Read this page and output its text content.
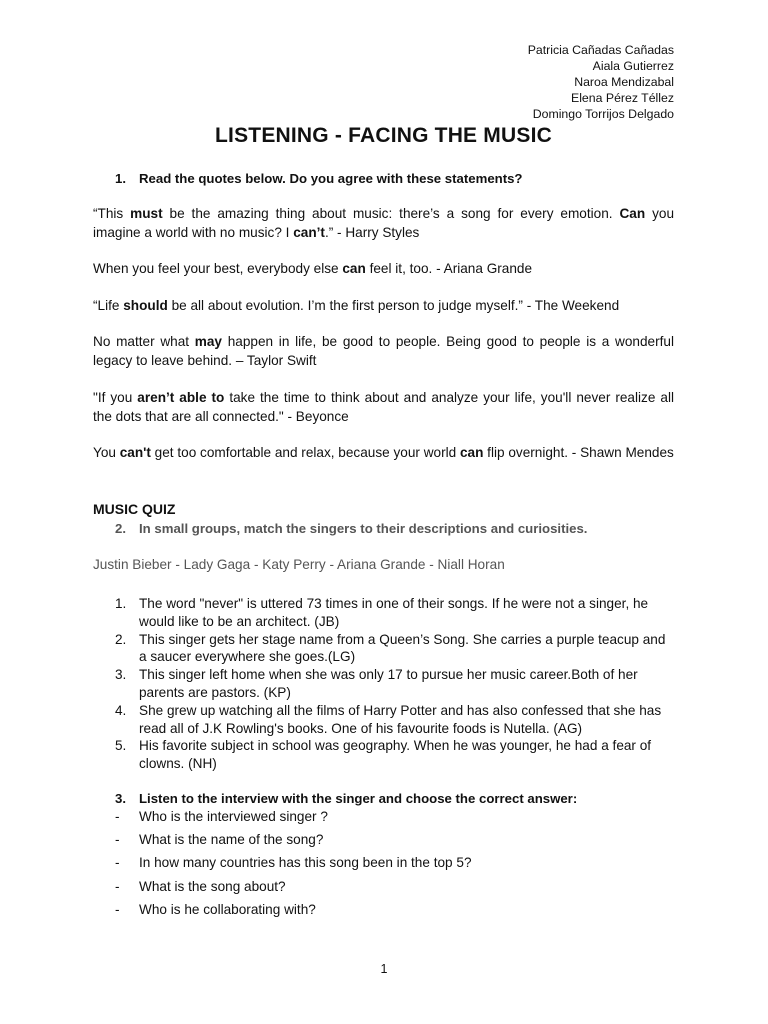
Patricia Cañadas Cañadas
Aiala Gutierrez
Naroa Mendizabal
Elena Pérez Téllez
Domingo Torrijos Delgado
LISTENING - FACING THE MUSIC
1. Read the quotes below. Do you agree with these statements?
“This must be the amazing thing about music: there’s a song for every emotion. Can you imagine a world with no music? I can’t.” - Harry Styles
When you feel your best, everybody else can feel it, too. - Ariana Grande
“Life should be all about evolution. I’m the first person to judge myself.” - The Weekend
No matter what may happen in life, be good to people. Being good to people is a wonderful legacy to leave behind. – Taylor Swift
"If you aren’t able to take the time to think about and analyze your life, you'll never realize all the dots that are all connected." - Beyonce
You can't get too comfortable and relax, because your world can flip overnight. - Shawn Mendes
MUSIC QUIZ
2. In small groups, match the singers to their descriptions and curiosities.
Justin Bieber - Lady Gaga - Katy Perry - Ariana Grande - Niall Horan
1. The word "never" is uttered 73 times in one of their songs. If he were not a singer, he would like to be an architect. (JB)
2. This singer gets her stage name from a Queen’s Song. She carries a purple teacup and a saucer everywhere she goes.(LG)
3. This singer left home when she was only 17 to pursue her music career.Both of her parents are pastors. (KP)
4. She grew up watching all the films of Harry Potter and has also confessed that she has read all of J.K Rowling's books. One of his favourite foods is Nutella. (AG)
5. His favorite subject in school was geography. When he was younger, he had a fear of clowns. (NH)
3. Listen to the interview with the singer and choose the correct answer:
- Who is the interviewed singer ?
- What is the name of the song?
- In how many countries has this song been in the top 5?
- What is the song about?
- Who is he collaborating with?
1
